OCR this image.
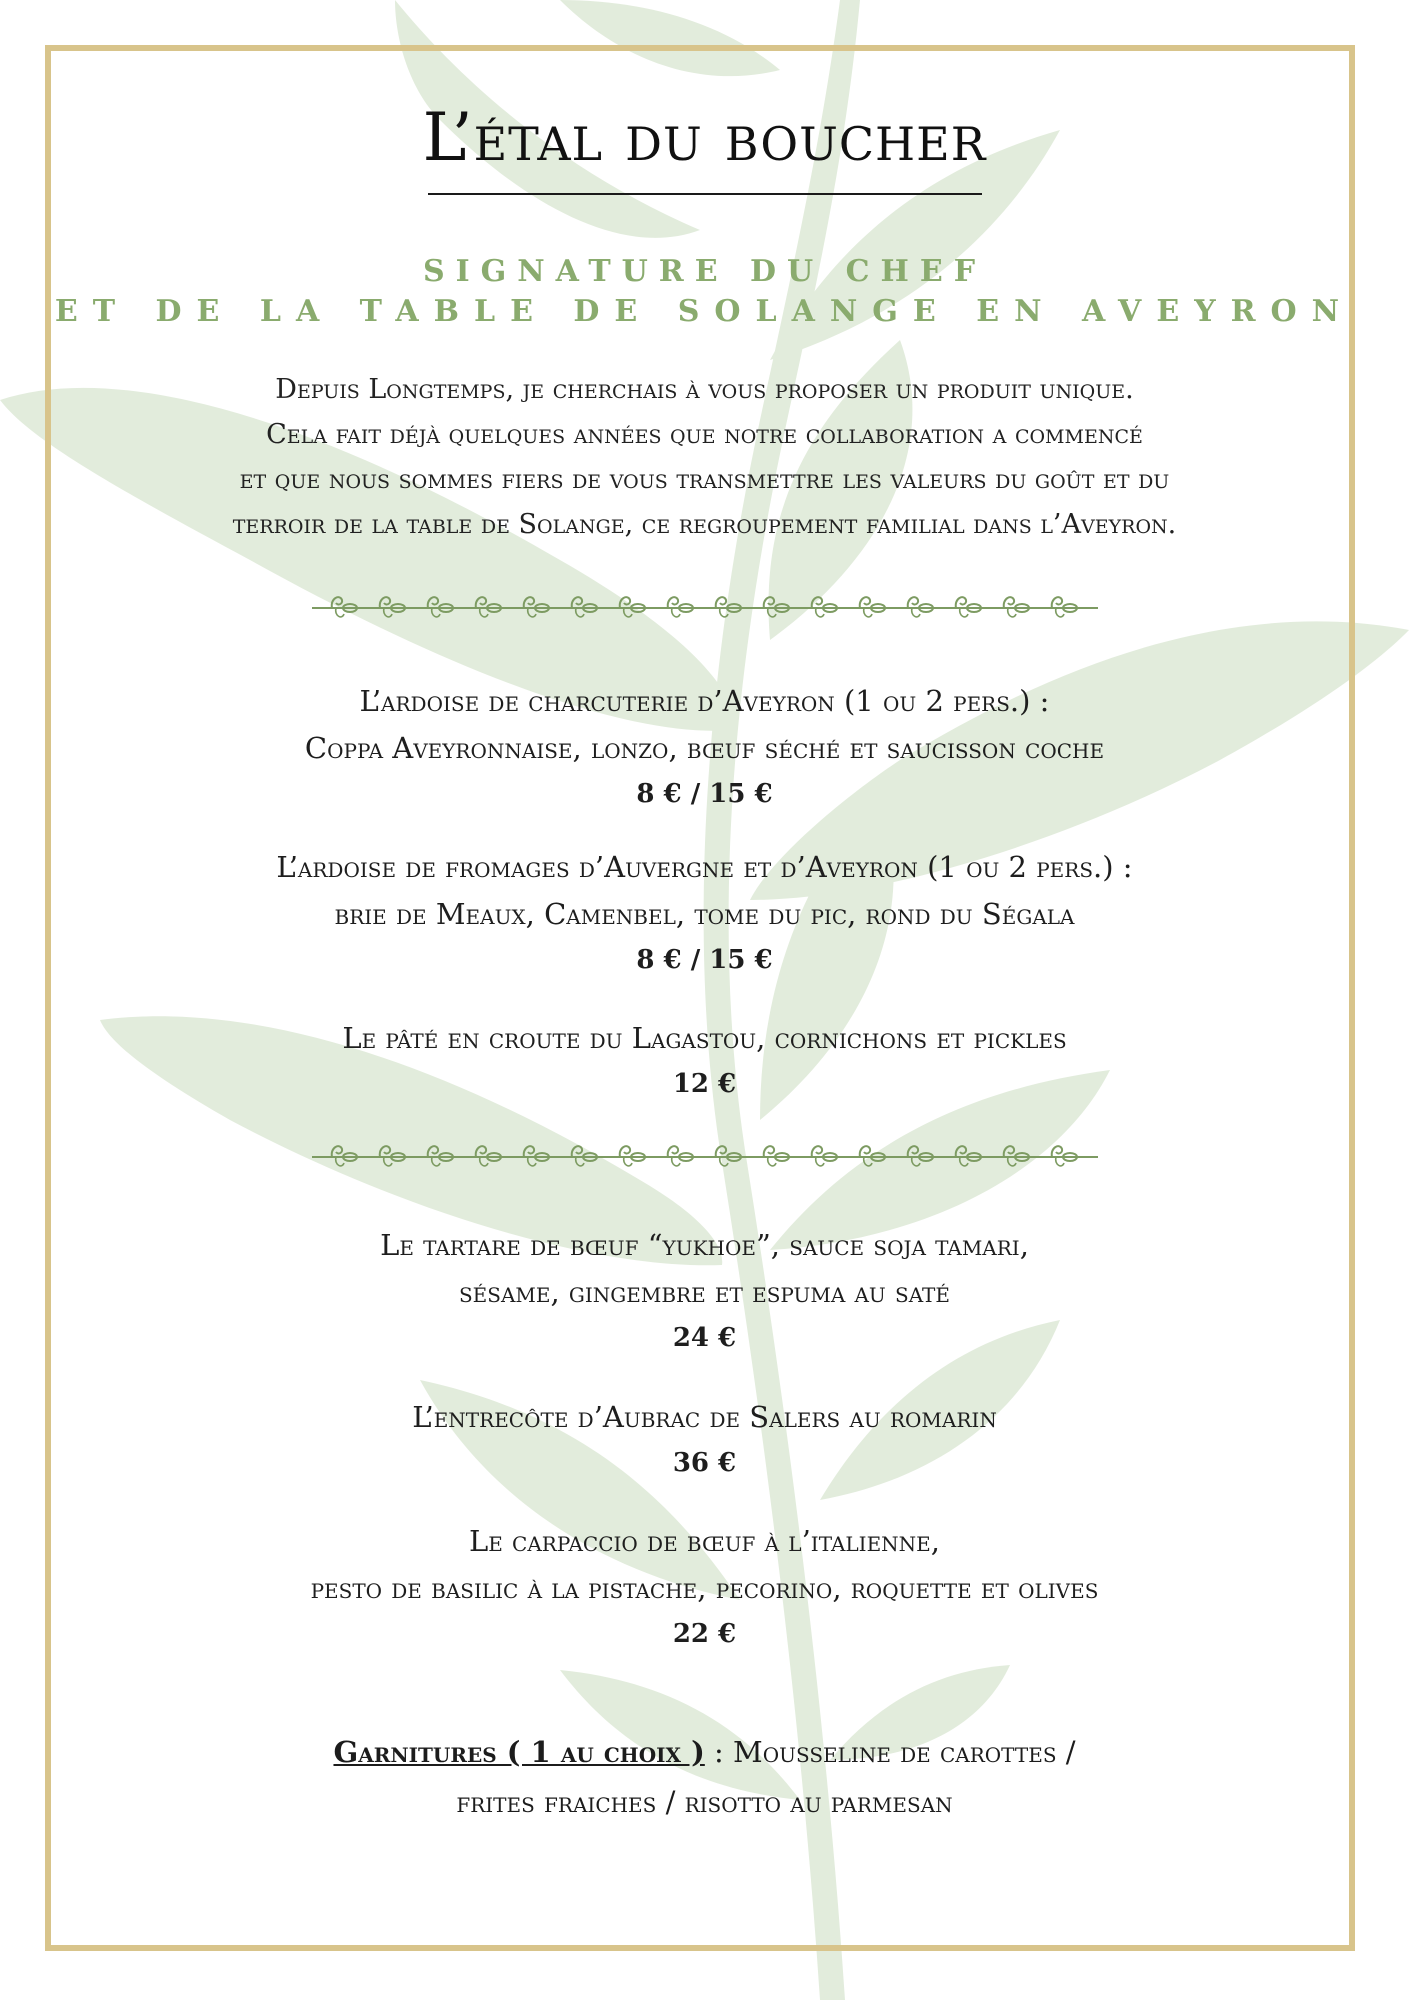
L’étal du boucher
SIGNATURE DU CHEF
ET DE LA TABLE DE SOLANGE EN AVEYRON
Depuis Longtemps, je cherchais à vous proposer un produit unique.
Cela fait déjà quelques années que notre collaboration a commencé
et que nous sommes fiers de vous transmettre les valeurs du goût et du
terroir de la table de Solange, ce regroupement familial dans l’Aveyron.
L’ardoise de charcuterie d’Aveyron (1 ou 2 pers.) :
Coppa Aveyronnaise, lonzo, bœuf séché et saucisson coche
8 € / 15 €
L’ardoise de fromages d’Auvergne et d’Aveyron (1 ou 2 pers.) :
brie de Meaux, Camenbel, tome du pic, rond du Ségala
8 € / 15 €
Le pâté en croute du Lagastou, cornichons et pickles
12 €
Le tartare de bœuf “yukhoe”, sauce soja tamari,
sésame, gingembre et espuma au saté
24 €
L’entrecôte d’Aubrac de Salers au romarin
36 €
Le carpaccio de bœuf à l’italienne,
pesto de basilic à la pistache, pecorino, roquette et olives
22 €
Garnitures ( 1 au choix ) : Mousseline de carottes /
frites fraiches / risotto au parmesan
